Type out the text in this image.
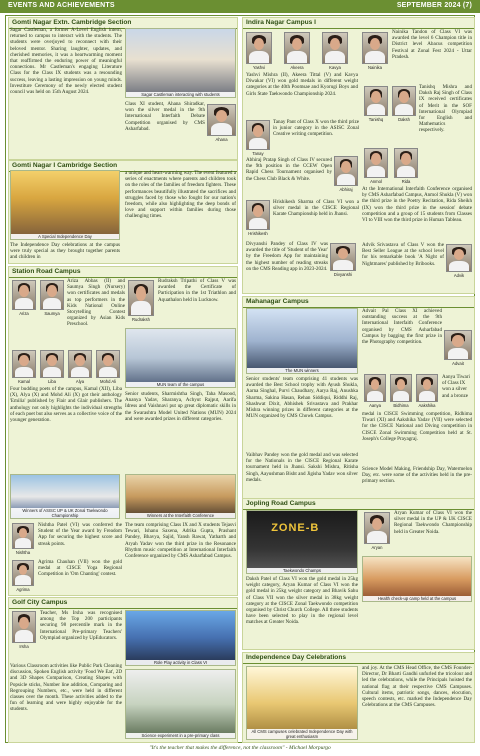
EVENTS AND ACHIEVEMENTS	SEPTEMBER 2024 (7)
Gomti Nagar Extn. Cambridge Section
Sagar Castleman, a former A-Level English intern, returned to campus to interact with the students. The students were overjoyed to reconnect with their beloved mentor. Sharing laughter, updates, and cherished memories, it was a heartwarming moment that reaffirmed the enduring power of meaningful connections. Mr Castleman's engaging Literature Class for the Class IX students was a resounding success, leaving a lasting impression on young minds. Investiture Ceremony of the newly elected student council was held on 15th August 2024.	Sagar Castleman interacting with students
Class XI student, Ahana Shiradkar, won the silver medal in the 9th International Interfaith Debate Competition organised by CMS Asharfabad.
Ahana
Gomti Nagar I Cambridge Section
A Special Independence Day
a unique and heart-warming way. The event featured a series of enactments where parents and children took on the roles of the families of freedom fighters. These performances beautifully illustrated the sacrifices and struggles faced by those who fought for our nation's freedom, while also highlighting the deep bonds of love and support within families during those challenging times.
The Independence Day celebrations at the campus were truly special as they brought together parents and children in
Station Road Campus
Ariza	Saumya
Ariza Abbas (II) and Saumya Singh (Nursery) won certificates and medals as top performers in the Kids National Online Storytelling Contest organized by Asian Kids Preschool.
Rudraksh
Rudraksh Tripathi of Class V was awarded the Certificate of Participation in the 1st Triathlon and Aquathalon held in Lucknow.
Kamal	Liba	Alya	Mohd Ali
MUN team of the campus
Four budding poets of the campus, Kamal (XII), Liba (X), Alya (X) and Mohd Ali (X) got their anthology 'Emilia' published by Flair and Glair publishers. The anthology not only highlights the individual strengths of each poet but also serves as a collective voice of the younger generation.
Senior students, Sharmishtha Singh, Taha Masood, Ananya Yadav, Sharanya, Achyut Rajput, Aarifa Idress and Vaishnavi put up great diplomatic skills in the Swarashtra Model United Nations (MUN) 2024 and were awarded prizes in different categories.
Winners of ASISC UP & UK Zonal Taekwondo Championship	Winners at the Interfaith Conference
Nishtha
Nishtha Patel (VI) was conferred the Student of the Year award by Freadom App for securing the highest score and streak points.
Agrima
Agrima Chauhan (VII) won the gold medal at CISCE Yoga Regional Competition in 'Om Chanting' contest.
The team comprising Class IX and X students Tejasvi Tewari, Ishanu Saxena, Adrika Gupta, Prashant Pandey, Bhavya, Sajid, Yansh Rawat, Yatharth and Aryah Yadav won the third prize in the Resonance Rhythm music competition at International Interfaith Conference organized by CMS Asharfabad Campus.
Golf City Campus
Irsha
Teacher, Ms Irsha was recognised among the Top 200 participants securing 98 percentile mark in the International Pre-primary Teachers' Olympiad organized by UpEducators.
Role Play activity in Class VI
Various Classroom activities like Public Park Cleaning discussion, Spoken English activity 'Food We Eat', 2D and 3D Shapes Comparison, Creating Shapes with Popsicle sticks, Number line addition, Comparing and Regrouping Numbers, etc., were held in different classes over the month. These activities added to the fun of learning and were highly enjoyable for the students.
Science experiment in a pre-primary class
Indira Nagar Campus I
Yashvi	Akeera	Kavya	Nainika
Nainika Tandon of Class VI was awarded the level 6 Champion title in District level Abacus competition Festival at Zonal Fest 2024 - Uttar Pradesh.
Yashvi Mishra (II), Akeera Tittal (V) and Kavya Diwakar (VI) won gold medals in different weight categories at the 40th Poomsae and Kyorugi Boys and Girls State Taekwondo Championship 2024.
Tanay
Tanay Pant of Class X won the third prize in junior category in the ASISC Zonal Creative writing competition.
Tanishq	Daksh
Tanishq Mishra and Daksh Raj Singh of Class IX received certificates of Merit in the SOF International Olympiad for English and Mathematics respectively.
Abhiraj Pratap Singh of Class IV secured the 9th position in the CCEW Open Rapid Chess Tournament organised by the Chess Club Black & White.
Abhiraj
Hrishikesh
Hrishikesh Sharma of Class VI won a silver medal in the CISCE Regional Karate Championship held in Jhansi.
Anmol	Rida
At the International Interfaith Conference organised by CMS Asharfabad Campus, Anmol Shukla (V) won the third prize in the Poetry Recitation, Rida Sheikh (IX) won the third prize in the session' debate competition and a group of 15 students from Classes VI to VIII won the third prize in Human Tableau.
Divyanshi Pandey of Class IV was awarded the title of 'Student of the Year' by the Freedom App for maintaining the highest number of reading streaks on the CMS Reading app in 2023-2024.
Divyanshi
Advik Srivastava of Class V won the Best Seller League at the school level for his remarkable book 'A Night of Nightmares' published by Bribooks.
Advik
Mahanagar Campus
The MUN winners
Senior students' team comprising 41 students was awarded the Best School trophy with Ayush Shukla, Aarna Singhal, Purvi Chaudhary, Aarya Raj, Anushka Sharma, Sakina Hasan, Rehan Siddiqui, Riddhi Raj, Shashwat Dixit, Abhishek Srivastava and Prakhar Mishra winning prizes in different categories at the MUN organized by CMS Chowk Campus.
Vaibhav Pandey won the gold medal and was selected for the Nationals in the CISCE Regional Karate tournament held in Jhansi. Sakshi Mishra, Ritisha Singh, Aayushman Bisht and Jigisha Yadav won silver medals.
Advait Pal Class XI achieved outstanding success at the 9th International Interfaith Conference organised by CMS Asharfabad Campus by bagging the first prize in the Photography competition.
Advait
Aanya	Bidhima	Aakshika
Aanya Tiwari of Class IX won a silver and a bronze
medal in CISCE Swimming competition, Ridhima Tiwari (XI) and Aakshika Yadav (VII) were selected for the CISCE National and Diving competition in CISCE Zonal Swimming Competition held at St. Joseph's College Prayagraj.
Science Model Making, Friendship Day, Watermelon Day, etc. were some of the activities held in the pre-primary section.
Jopling Road Campus
ZONE-B
Taekwondo Champs
Daksh Patel of Class VI won the gold medal in 25kg weight category, Aryan Kumar of Class VI won the gold medal in 25kg weight category and Bhavik Sahu of Class VII won the silver medal in 38kg weight category at the CISCE Zonal Taekwondo competition organised by Christ Church College. All three students have been selected to play in the regional level matches at Greater Noida.
Aryan
Aryan Kumar of Class VI won the silver medal in the UP & UK CISCE Regional Taekwondo Championship held in Greater Noida.
Health check-up camp held at the campus
Independence Day Celebrations
All CMS campuses celebrated Independence Day with great enthusiasm
and joy. At the CMS Head Office, the CMS Founder-Director, Dr Bharti Gandhi unfurled the tricolour and led the celebrations, while the Principals hoisted the national flag at their respective CMS Campuses. Cultural items, patriotic songs, dances, elocution, speech contests, etc. marked the Independence Day Celebrations at the CMS Campuses.
"It's the teacher that makes the difference, not the classroom" - Michael Morpurgo
